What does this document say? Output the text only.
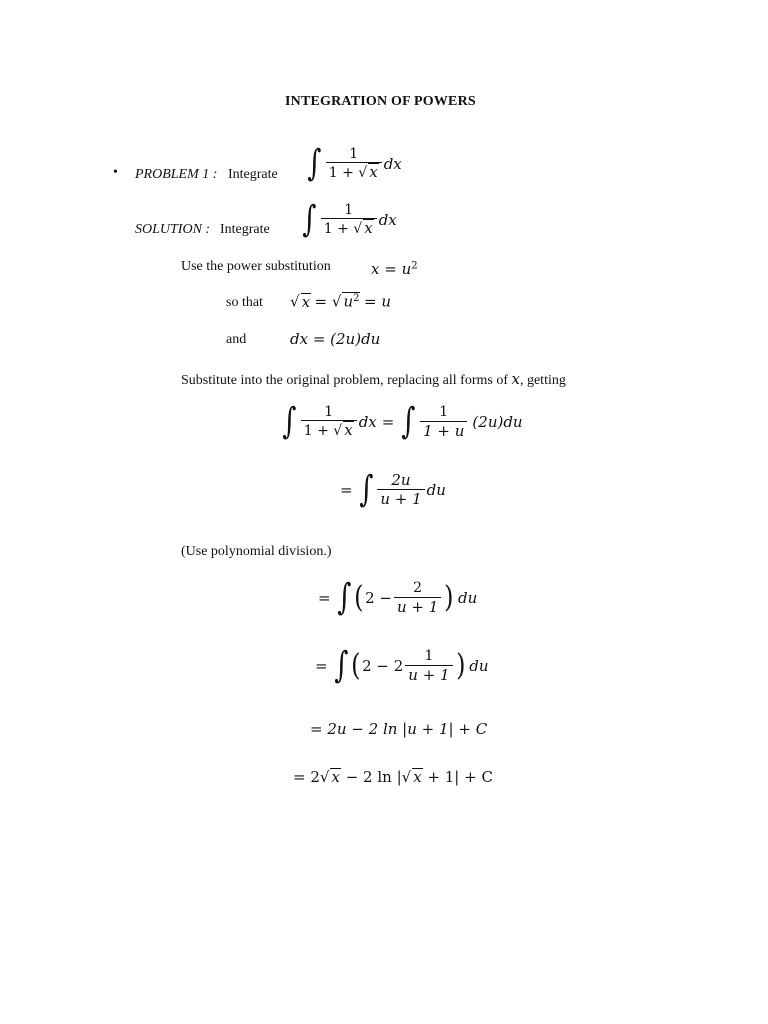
INTEGRATION OF POWERS
• PROBLEM 1 : Integrate ∫ $\frac{1}{1 + √ x}$ dx
SOLUTION : Integrate ∫ $\frac{1}{1 + √ x}$ dx
Use the power substitution	$x = u^2$
so that √ x = √ $u^2 = u$
and	dx = (2u)du
Substitute into the original problem, replacing all forms of x, getting
∫ $\frac{1}{1 + √ x}$ dx = ∫ $\frac{1}{1 + u} (2u)du$
= ∫ $\frac{2u}{u + 1}$ du
(Use polynomial division.)
= ∫ ( $2 - \frac{2}{u + 1}$ ) du
= ∫ ( $2 - 2 \frac{1}{u + 1}$ ) du
= 2u − 2 ln |u + 1| + C
= 2√ x − 2 ln |√ x + 1| + C
